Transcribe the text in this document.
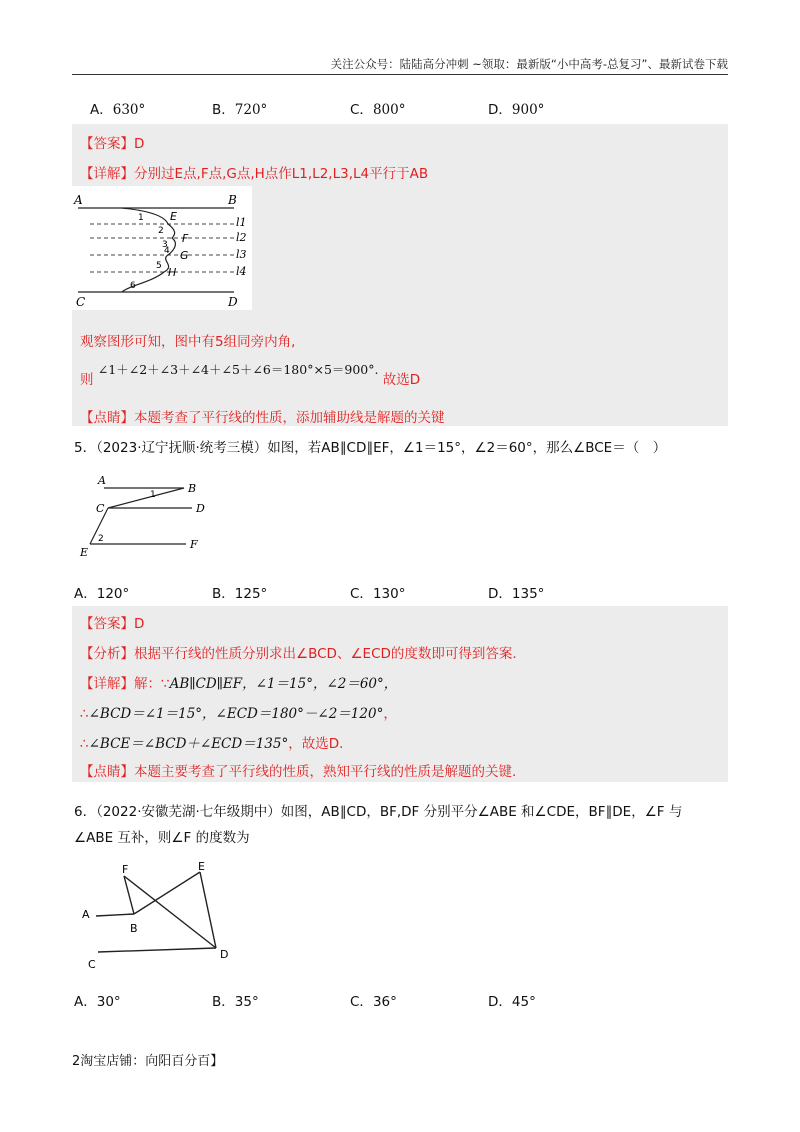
关注公众号：陆陆高分冲刺 ~领取：最新版“小中高考-总复习”、最新试卷下载
A．630°	B．720°	C．800°	D．900°
【答案】D
【详解】分别过E点,F点,G点,H点作L1,L2,L3,L4平行于AB
A	B
C	D
E
F
G
H
l1
l2
l3
l4
1
2
3
4
5
6
观察图形可知，图中有5组同旁内角,
则 ∠1＋∠2＋∠3＋∠4＋∠5＋∠6＝180°×5＝900°. 故选D
【点睛】本题考查了平行线的性质，添加辅助线是解题的关键
5．（2023·辽宁抚顺·统考三模）如图，若AB∥CD∥EF，∠1＝15°，∠2＝60°，那么∠BCE＝（　）
A
B
C	D
E
F
1
2
A．120°	B．125°	C．130°	D．135°
【答案】D
【分析】根据平行线的性质分别求出∠BCD、∠ECD的度数即可得到答案.
【详解】解：∵AB∥CD∥EF，∠1＝15°，∠2＝60°，
∴∠BCD＝∠1＝15°，∠ECD＝180°－∠2＝120°，
∴∠BCE＝∠BCD＋∠ECD＝135°，故选D.
【点睛】本题主要考查了平行线的性质，熟知平行线的性质是解题的关键.
6．（2022·安徽芜湖·七年级期中）如图，AB∥CD，BF,DF 分别平分∠ABE 和∠CDE，BF∥DE，∠F 与
∠ABE 互补，则∠F 的度数为
F	E
A
B
C
D
A．30°	B．35°	C．36°	D．45°
2淘宝店铺：向阳百分百】
